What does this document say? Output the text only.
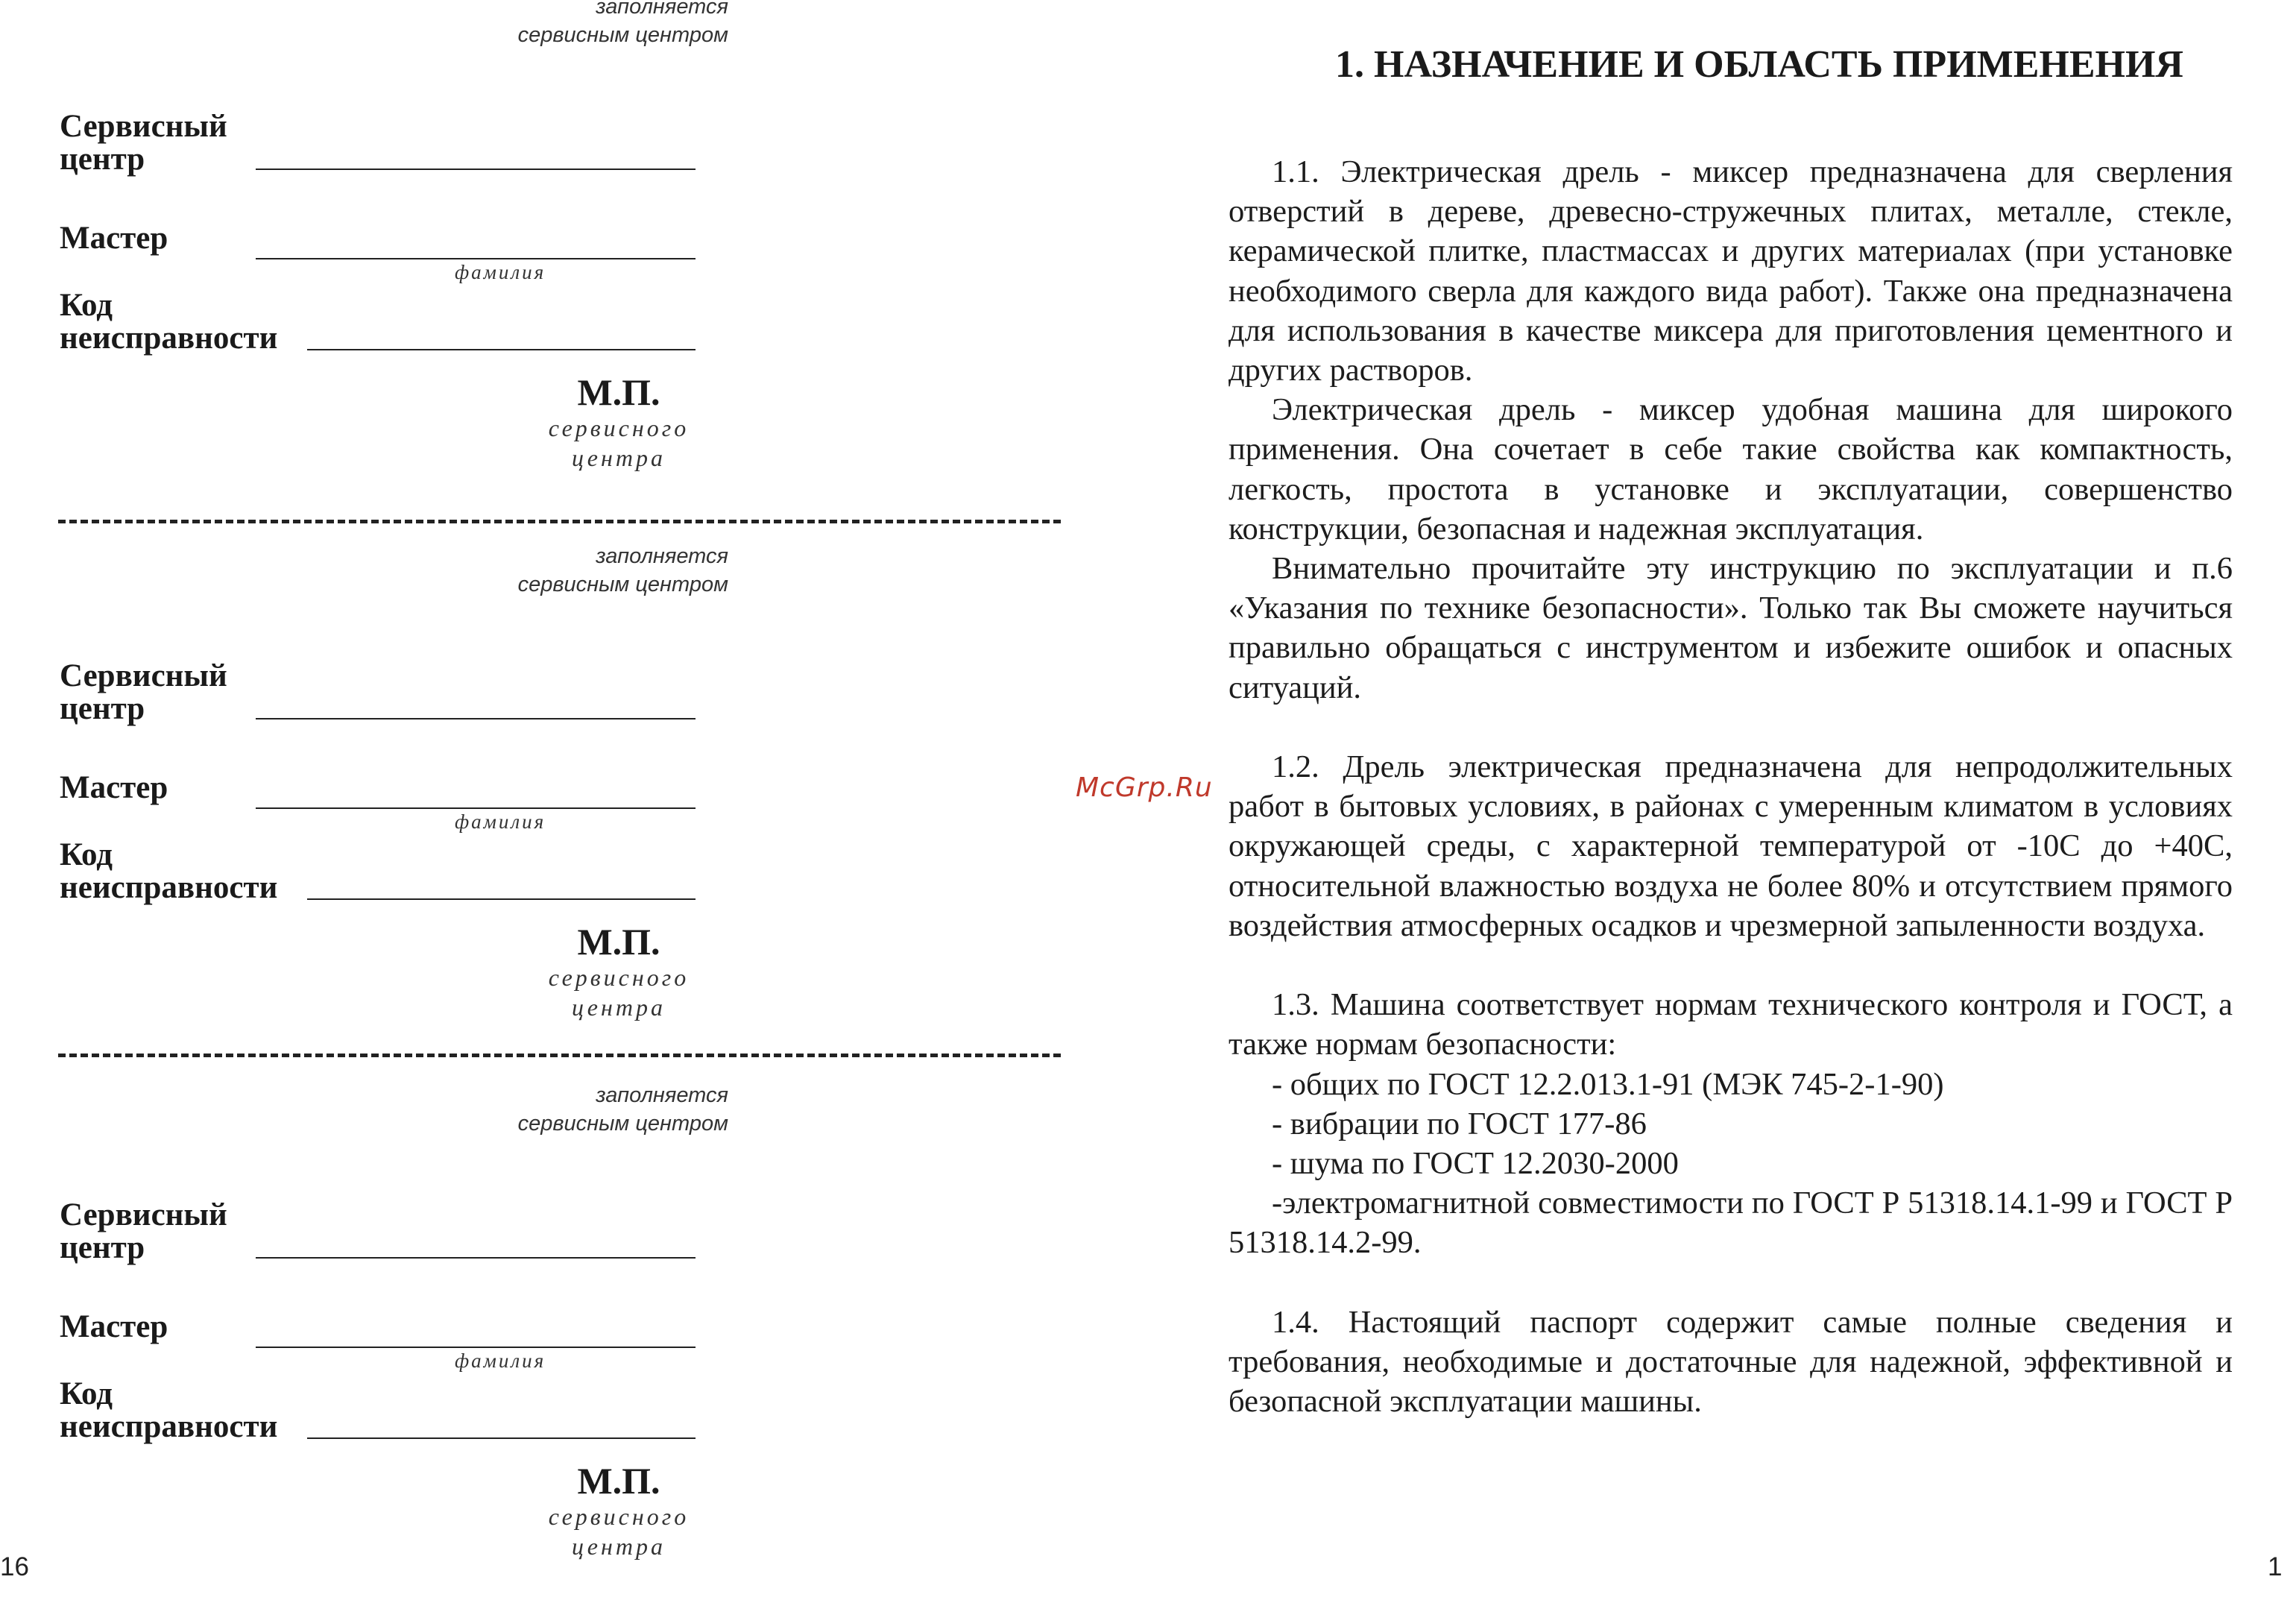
заполняется
сервисным центром

Сервисный
центр

Мастер

фамилия

Код
неисправности

М.П.
сервисного
центра

заполняется
сервисным центром

Сервисный
центр

Мастер

фамилия

Код
неисправности

М.П.
сервисного
центра

заполняется
сервисным центром

Сервисный
центр

Мастер

фамилия

Код
неисправности

М.П.
сервисного
центра
16
McGrp.Ru
1. НАЗНАЧЕНИЕ И ОБЛАСТЬ ПРИМЕНЕНИЯ

1.1. Электрическая дрель - миксер предназначена для сверления отверстий в дереве, древесно-стружечных плитах, металле, стекле, керамической плитке, пластмассах и других материалах (при установке необходимого сверла для каждого вида работ). Также она предназначена для использования в качестве миксера для приготовления цементного и других растворов.

Электрическая дрель - миксер удобная машина для широкого применения. Она сочетает в себе такие свойства как компактность, легкость, простота в установке и эксплуатации, совершенство конструкции, безопасная и надежная эксплуатация.

Внимательно прочитайте эту инструкцию по эксплуатации и п.6 «Указания по технике безопасности». Только так Вы сможете научиться правильно обращаться с инструментом и избежите ошибок и опасных ситуаций.

1.2. Дрель электрическая предназначена для непродолжительных работ в бытовых условиях, в районах с умеренным климатом в условиях окружающей среды, с характерной температурой от -10С до +40С, относительной влажностью воздуха не более 80% и отсутствием прямого воздействия атмосферных осадков и чрезмерной запыленности воздуха.

1.3. Машина соответствует нормам технического контроля и ГОСТ, а также нормам безопасности:

- общих по ГОСТ 12.2.013.1-91 (МЭК 745-2-1-90)

- вибрации по ГОСТ 177-86

- шума по ГОСТ 12.2030-2000

-электромагнитной совместимости по ГОСТ Р 51318.14.1-99 и ГОСТ Р 51318.14.2-99.

1.4. Настоящий паспорт содержит самые полные сведения и требования, необходимые и достаточные для надежной, эффективной и безопасной эксплуатации машины.

1
